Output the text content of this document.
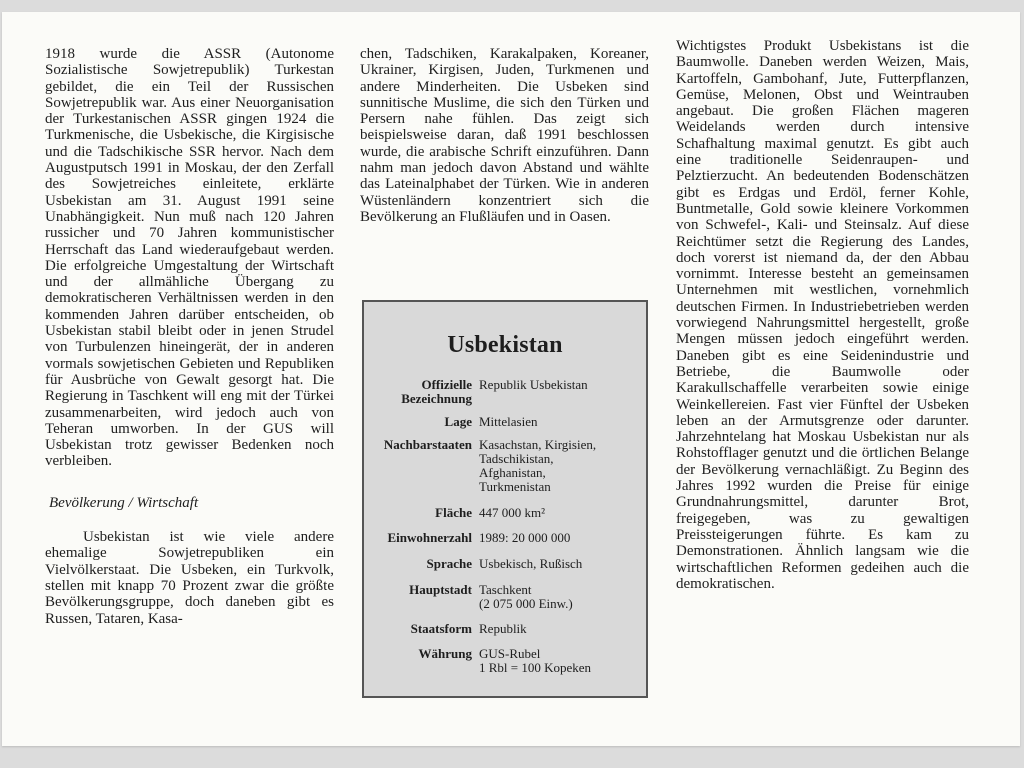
1918 wurde die ASSR (Autonome Sozialistische Sowjetrepublik) Turkestan gebildet, die ein Teil der Russischen Sowjetrepublik war. Aus einer Neuorganisation der Turkestanischen ASSR gingen 1924 die Turkmenische, die Usbekische, die Kirgisische und die Tadschikische SSR hervor. Nach dem Augustputsch 1991 in Moskau, der den Zerfall des Sowjetreiches einleitete, erklärte Usbekistan am 31. August 1991 seine Unabhängigkeit. Nun muß nach 120 Jahren russicher und 70 Jahren kommunistischer Herrschaft das Land wiederaufgebaut werden. Die erfolgreiche Umgestaltung der Wirtschaft und der allmähliche Übergang zu demokratischeren Verhältnissen werden in den kommenden Jahren darüber entscheiden, ob Usbekistan stabil bleibt oder in jenen Strudel von Turbulenzen hineingerät, der in anderen vormals sowjetischen Gebieten und Republiken für Ausbrüche von Gewalt gesorgt hat. Die Regierung in Taschkent will eng mit der Türkei zusammenarbeiten, wird jedoch auch von Teheran umworben. In der GUS will Usbekistan trotz gewisser Bedenken noch verbleiben.

Bevölkerung / Wirtschaft

Usbekistan ist wie viele andere ehemalige Sowjetrepubliken ein Vielvölkerstaat. Die Usbeken, ein Turkvolk, stellen mit knapp 70 Prozent zwar die größte Bevölkerungsgruppe, doch daneben gibt es Russen, Tataren, Kasa-

chen, Tadschiken, Karakalpaken, Koreaner, Ukrainer, Kirgisen, Juden, Turkmenen und andere Minderheiten. Die Usbeken sind sunnitische Muslime, die sich den Türken und Persern nahe fühlen. Das zeigt sich beispielsweise daran, daß 1991 beschlossen wurde, die arabische Schrift einzuführen. Dann nahm man jedoch davon Abstand und wählte das Lateinalphabet der Türken. Wie in anderen Wüstenländern konzentriert sich die Bevölkerung an Flußläufen und in Oasen.

Usbekistan
Offizielle
Bezeichnung
Republik Usbekistan
Lage Mittelasien
Nachbarstaaten Kasachstan, Kirgisien,
Tadschikistan,
Afghanistan,
Turkmenistan
Fläche 447 000 km²
Einwohnerzahl 1989: 20 000 000
Sprache Usbekisch, Rußisch
Hauptstadt Taschkent
(2 075 000 Einw.)
Staatsform Republik
Währung GUS-Rubel
1 Rbl = 100 Kopeken

Wichtigstes Produkt Usbekistans ist die Baumwolle. Daneben werden Weizen, Mais, Kartoffeln, Gambohanf, Jute, Futterpflanzen, Gemüse, Melonen, Obst und Weintrauben angebaut. Die großen Flächen mageren Weidelands werden durch intensive Schafhaltung maximal genutzt. Es gibt auch eine traditionelle Seidenraupen- und Pelztierzucht. An bedeutenden Bodenschätzen gibt es Erdgas und Erdöl, ferner Kohle, Buntmetalle, Gold sowie kleinere Vorkommen von Schwefel-, Kali- und Steinsalz. Auf diese Reichtümer setzt die Regierung des Landes, doch vorerst ist niemand da, der den Abbau vornimmt. Interesse besteht an gemeinsamen Unternehmen mit westlichen, vornehmlich deutschen Firmen. In Industriebetrieben werden vorwiegend Nahrungsmittel hergestellt, große Mengen müssen jedoch eingeführt werden. Daneben gibt es eine Seidenindustrie und Betriebe, die Baumwolle oder Karakullschaffelle verarbeiten sowie einige Weinkellereien. Fast vier Fünftel der Usbeken leben an der Armutsgrenze oder darunter. Jahrzehntelang hat Moskau Usbekistan nur als Rohstofflager genutzt und die örtlichen Belange der Bevölkerung vernachläßigt. Zu Beginn des Jahres 1992 wurden die Preise für einige Grundnahrungsmittel, darunter Brot, freigegeben, was zu gewaltigen Preissteigerungen führte. Es kam zu Demonstrationen. Ähnlich langsam wie die wirtschaftlichen Reformen gedeihen auch die demokratischen.
